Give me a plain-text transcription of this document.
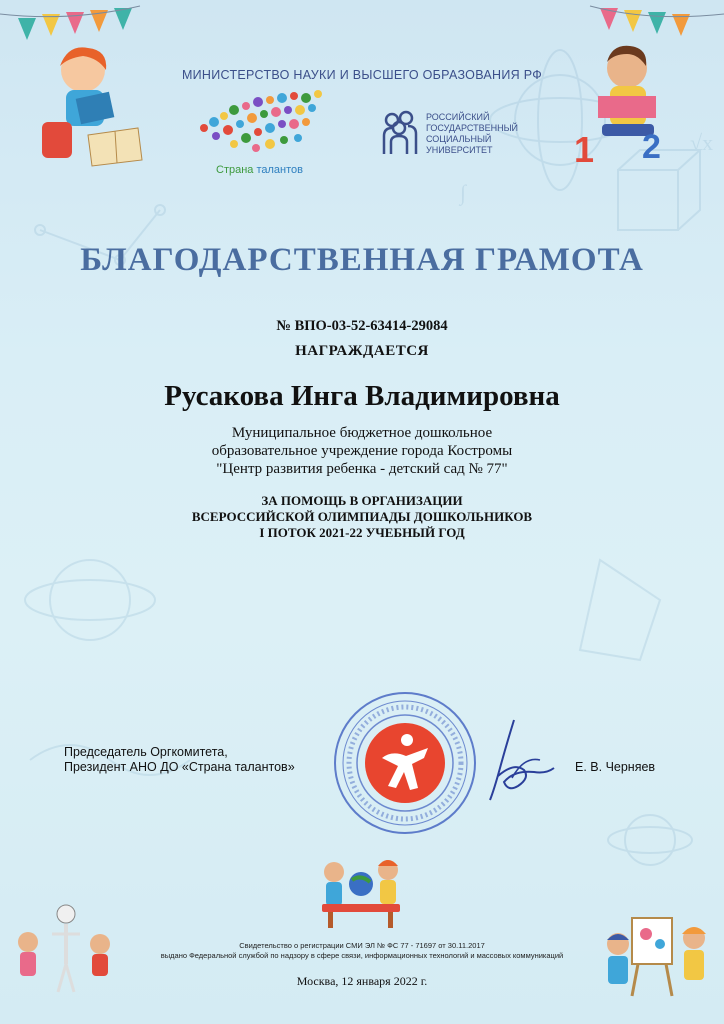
√x
∫
1 2
МИНИСТЕРСТВО НАУКИ И ВЫСШЕГО ОБРАЗОВАНИЯ РФ
Страна талантов
РОССИЙСКИЙ
ГОСУДАРСТВЕННЫЙ
СОЦИАЛЬНЫЙ
УНИВЕРСИТЕТ
БЛАГОДАРСТВЕННАЯ ГРАМОТА
№ ВПО-03-52-63414-29084
НАГРАЖДАЕТСЯ
Русакова Инга Владимировна
Муниципальное бюджетное дошкольное
образовательное учреждение города Костромы
"Центр развития ребенка - детский сад № 77"
ЗА ПОМОЩЬ В ОРГАНИЗАЦИИ
ВСЕРОССИЙСКОЙ ОЛИМПИАДЫ ДОШКОЛЬНИКОВ
I ПОТОК 2021-22 УЧЕБНЫЙ ГОД
Председатель Оргкомитета,
Президент АНО ДО «Страна талантов»	Е. В. Черняев
Свидетельство о регистрации СМИ ЭЛ № ФС 77 - 71697 от 30.11.2017
выдано Федеральной службой по надзору в сфере связи, информационных технологий и массовых коммуникаций
Москва, 12 января 2022 г.
